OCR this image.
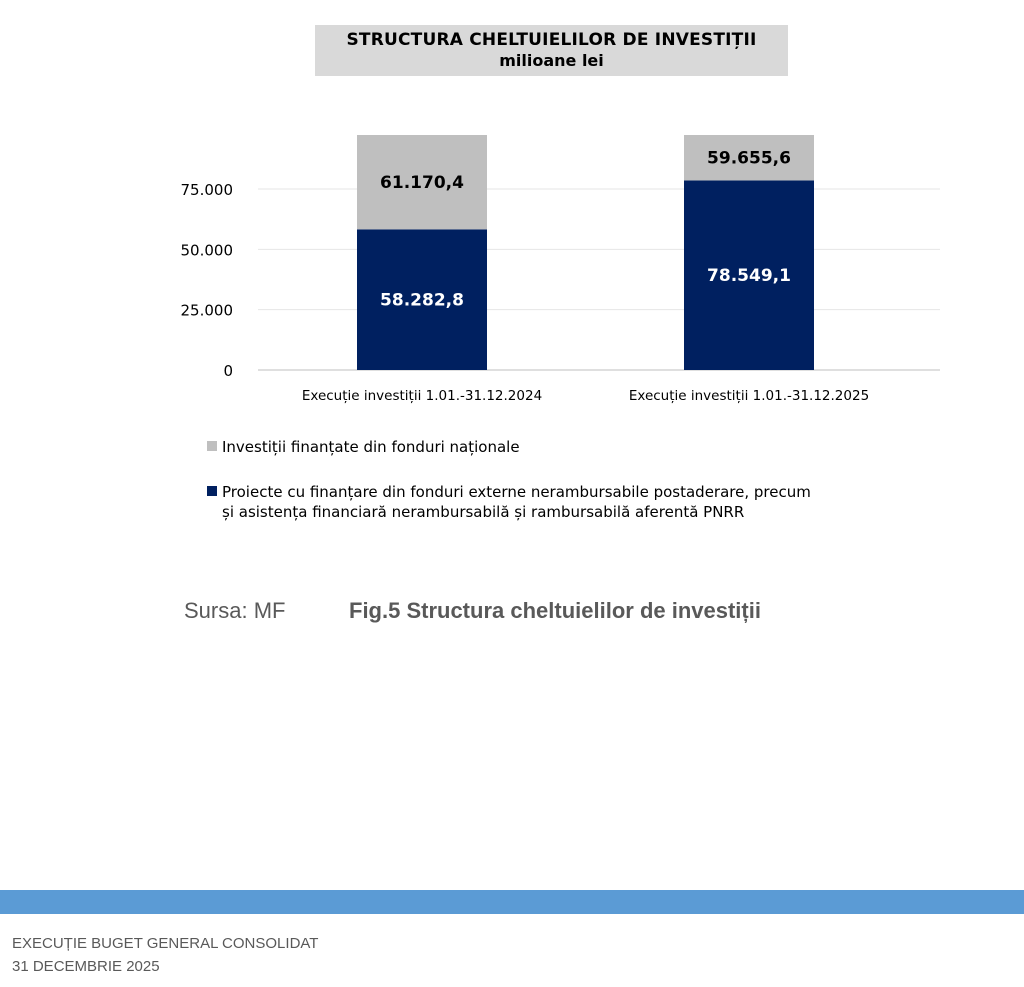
STRUCTURA CHELTUIELILOR DE INVESTIȚII
milioane lei
0
25.000
50.000
75.000
58.282,8
61.170,4
Execuție investiții 1.01.-31.12.2024
78.549,1
59.655,6
Execuție investiții 1.01.-31.12.2025
Investiții finanțate din fonduri naționale
Proiecte cu finanțare din fonduri externe nerambursabile postaderare, precum
și asistența financiară nerambursabilă și rambursabilă aferentă PNRR
Sursa: MF	Fig.5 Structura cheltuielilor de investiții
EXECUȚIE BUGET GENERAL CONSOLIDAT
31 DECEMBRIE 2025
